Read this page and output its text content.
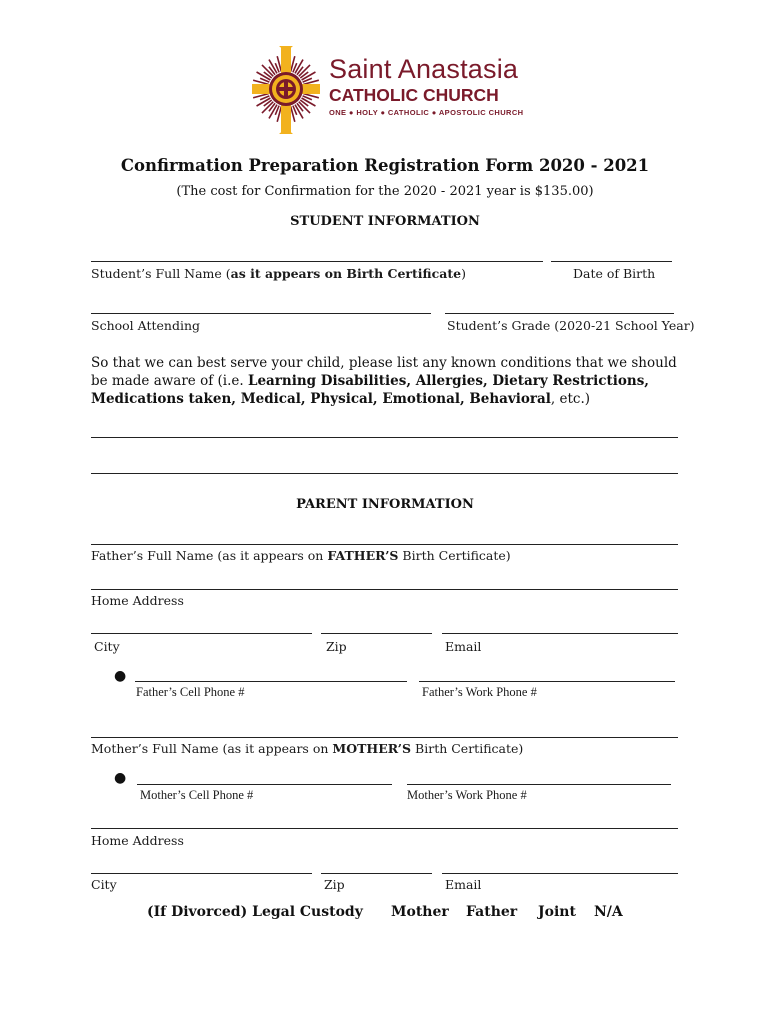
Saint Anastasia
CATHOLIC CHURCH
ONE ● HOLY ● CATHOLIC ● APOSTOLIC CHURCH
Confirmation Preparation Registration Form 2020 - 2021
(The cost for Confirmation for the 2020 - 2021 year is $135.00)
STUDENT INFORMATION
Student’s Full Name (as it appears on Birth Certificate)	Date of Birth
School Attending	Student’s Grade (2020-21 School Year)
So that we can best serve your child, please list any known conditions that we should be made aware of (i.e. Learning Disabilities, Allergies, Dietary Restrictions, Medications taken, Medical, Physical, Emotional, Behavioral, etc.)
PARENT INFORMATION
Father’s Full Name (as it appears on FATHER’S Birth Certificate)
Home Address
City	Zip	Email
●
Father’s Cell Phone #	Father’s Work Phone #
Mother’s Full Name (as it appears on MOTHER’S Birth Certificate)
●
Mother’s Cell Phone #	Mother’s Work Phone #
Home Address
City	Zip	Email
(If Divorced) Legal Custody Mother Father Joint N/A
